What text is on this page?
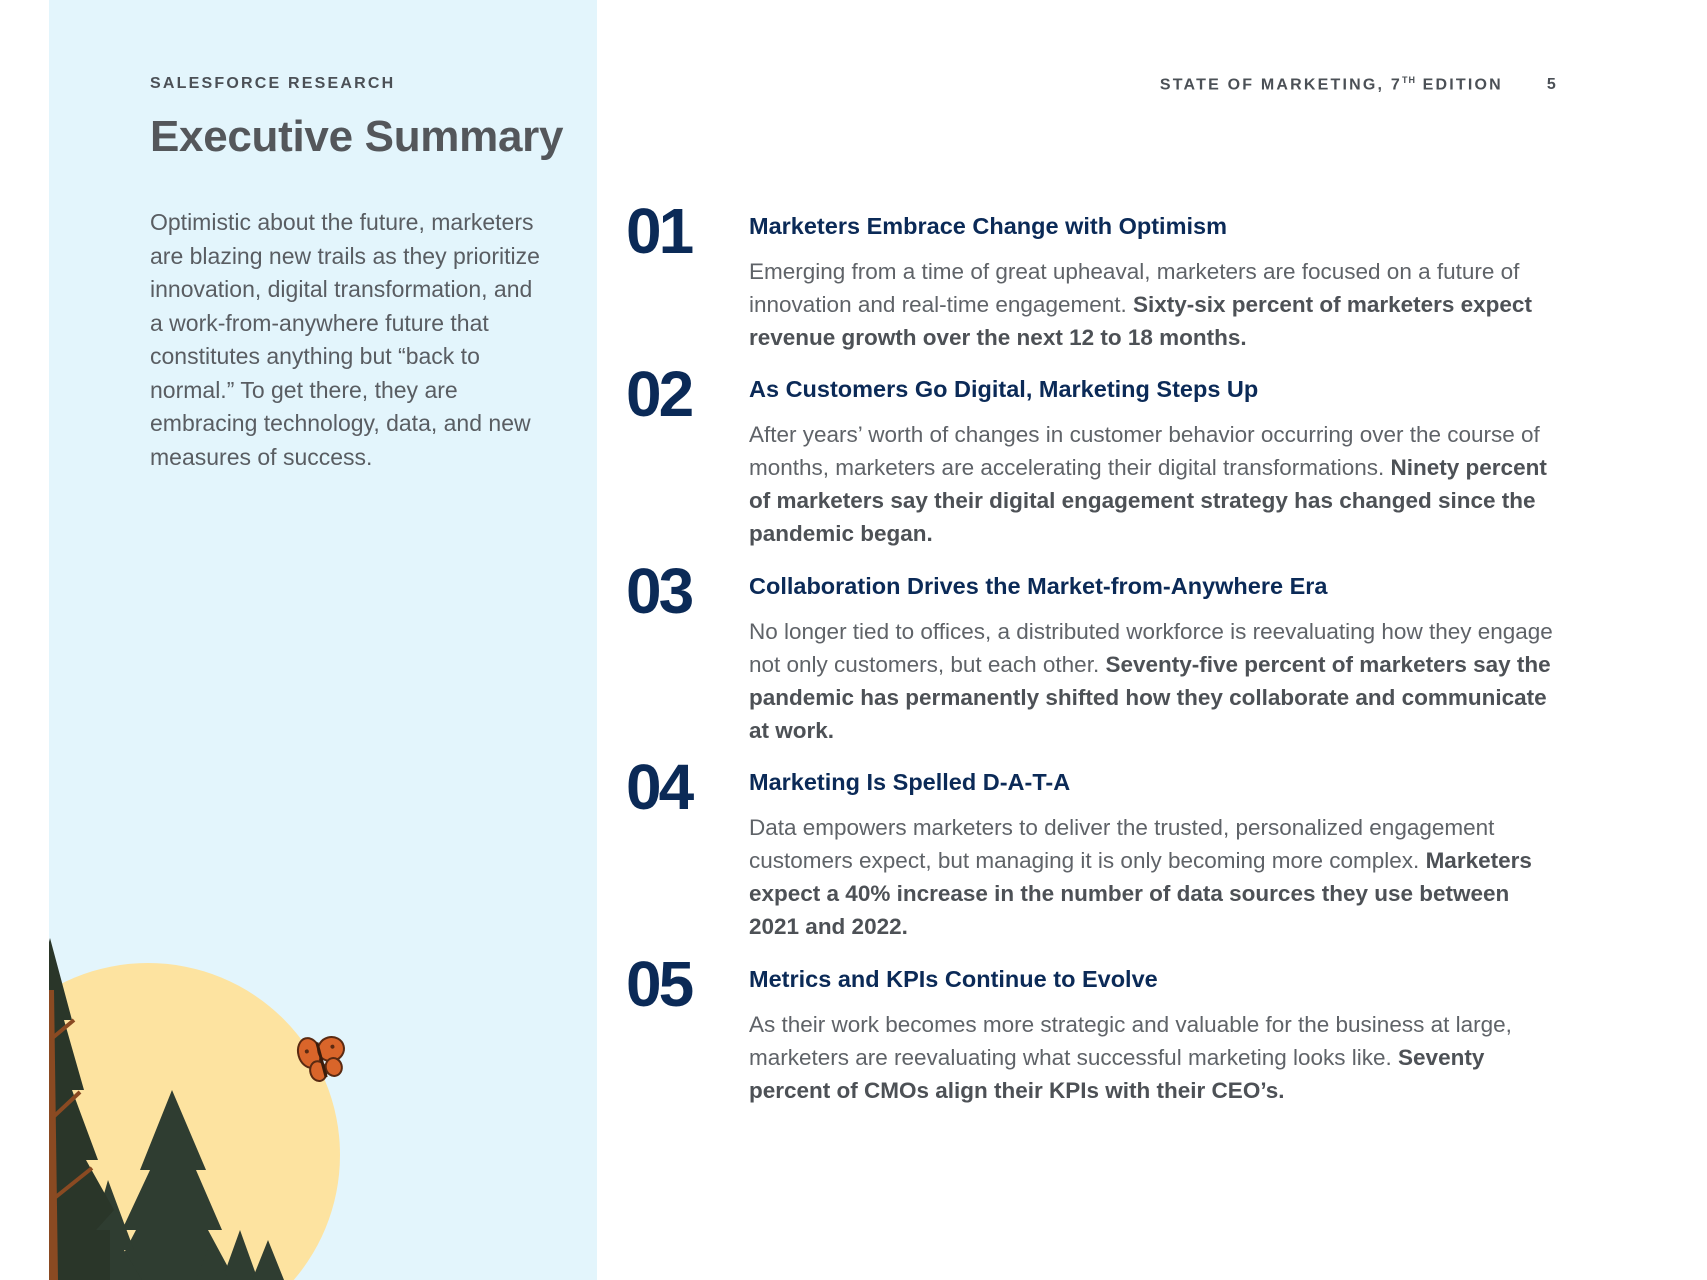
SALESFORCE RESEARCH	STATE OF MARKETING, 7TH EDITION	5
Executive Summary

Optimistic about the future, marketers are blazing new trails as they prioritize innovation, digital transformation, and a work-from-anywhere future that constitutes anything but “back to normal.” To get there, they are embracing technology, data, and new measures of success.

01 Marketers Embrace Change with Optimism

Emerging from a time of great upheaval, marketers are focused on a future of innovation and real-time engagement. Sixty-six percent of marketers expect revenue growth over the next 12 to 18 months.

02 As Customers Go Digital, Marketing Steps Up

After years’ worth of changes in customer behavior occurring over the course of months, marketers are accelerating their digital transformations. Ninety percent of marketers say their digital engagement strategy has changed since the pandemic began.

03 Collaboration Drives the Market-from-Anywhere Era

No longer tied to offices, a distributed workforce is reevaluating how they engage not only customers, but each other. Seventy-five percent of marketers say the pandemic has permanently shifted how they collaborate and communicate at work.

04 Marketing Is Spelled D-A-T-A

Data empowers marketers to deliver the trusted, personalized engagement customers expect, but managing it is only becoming more complex. Marketers expect a 40% increase in the number of data sources they use between 2021 and 2022.

05 Metrics and KPIs Continue to Evolve

As their work becomes more strategic and valuable for the business at large, marketers are reevaluating what successful marketing looks like. Seventy percent of CMOs align their KPIs with their CEO’s.
